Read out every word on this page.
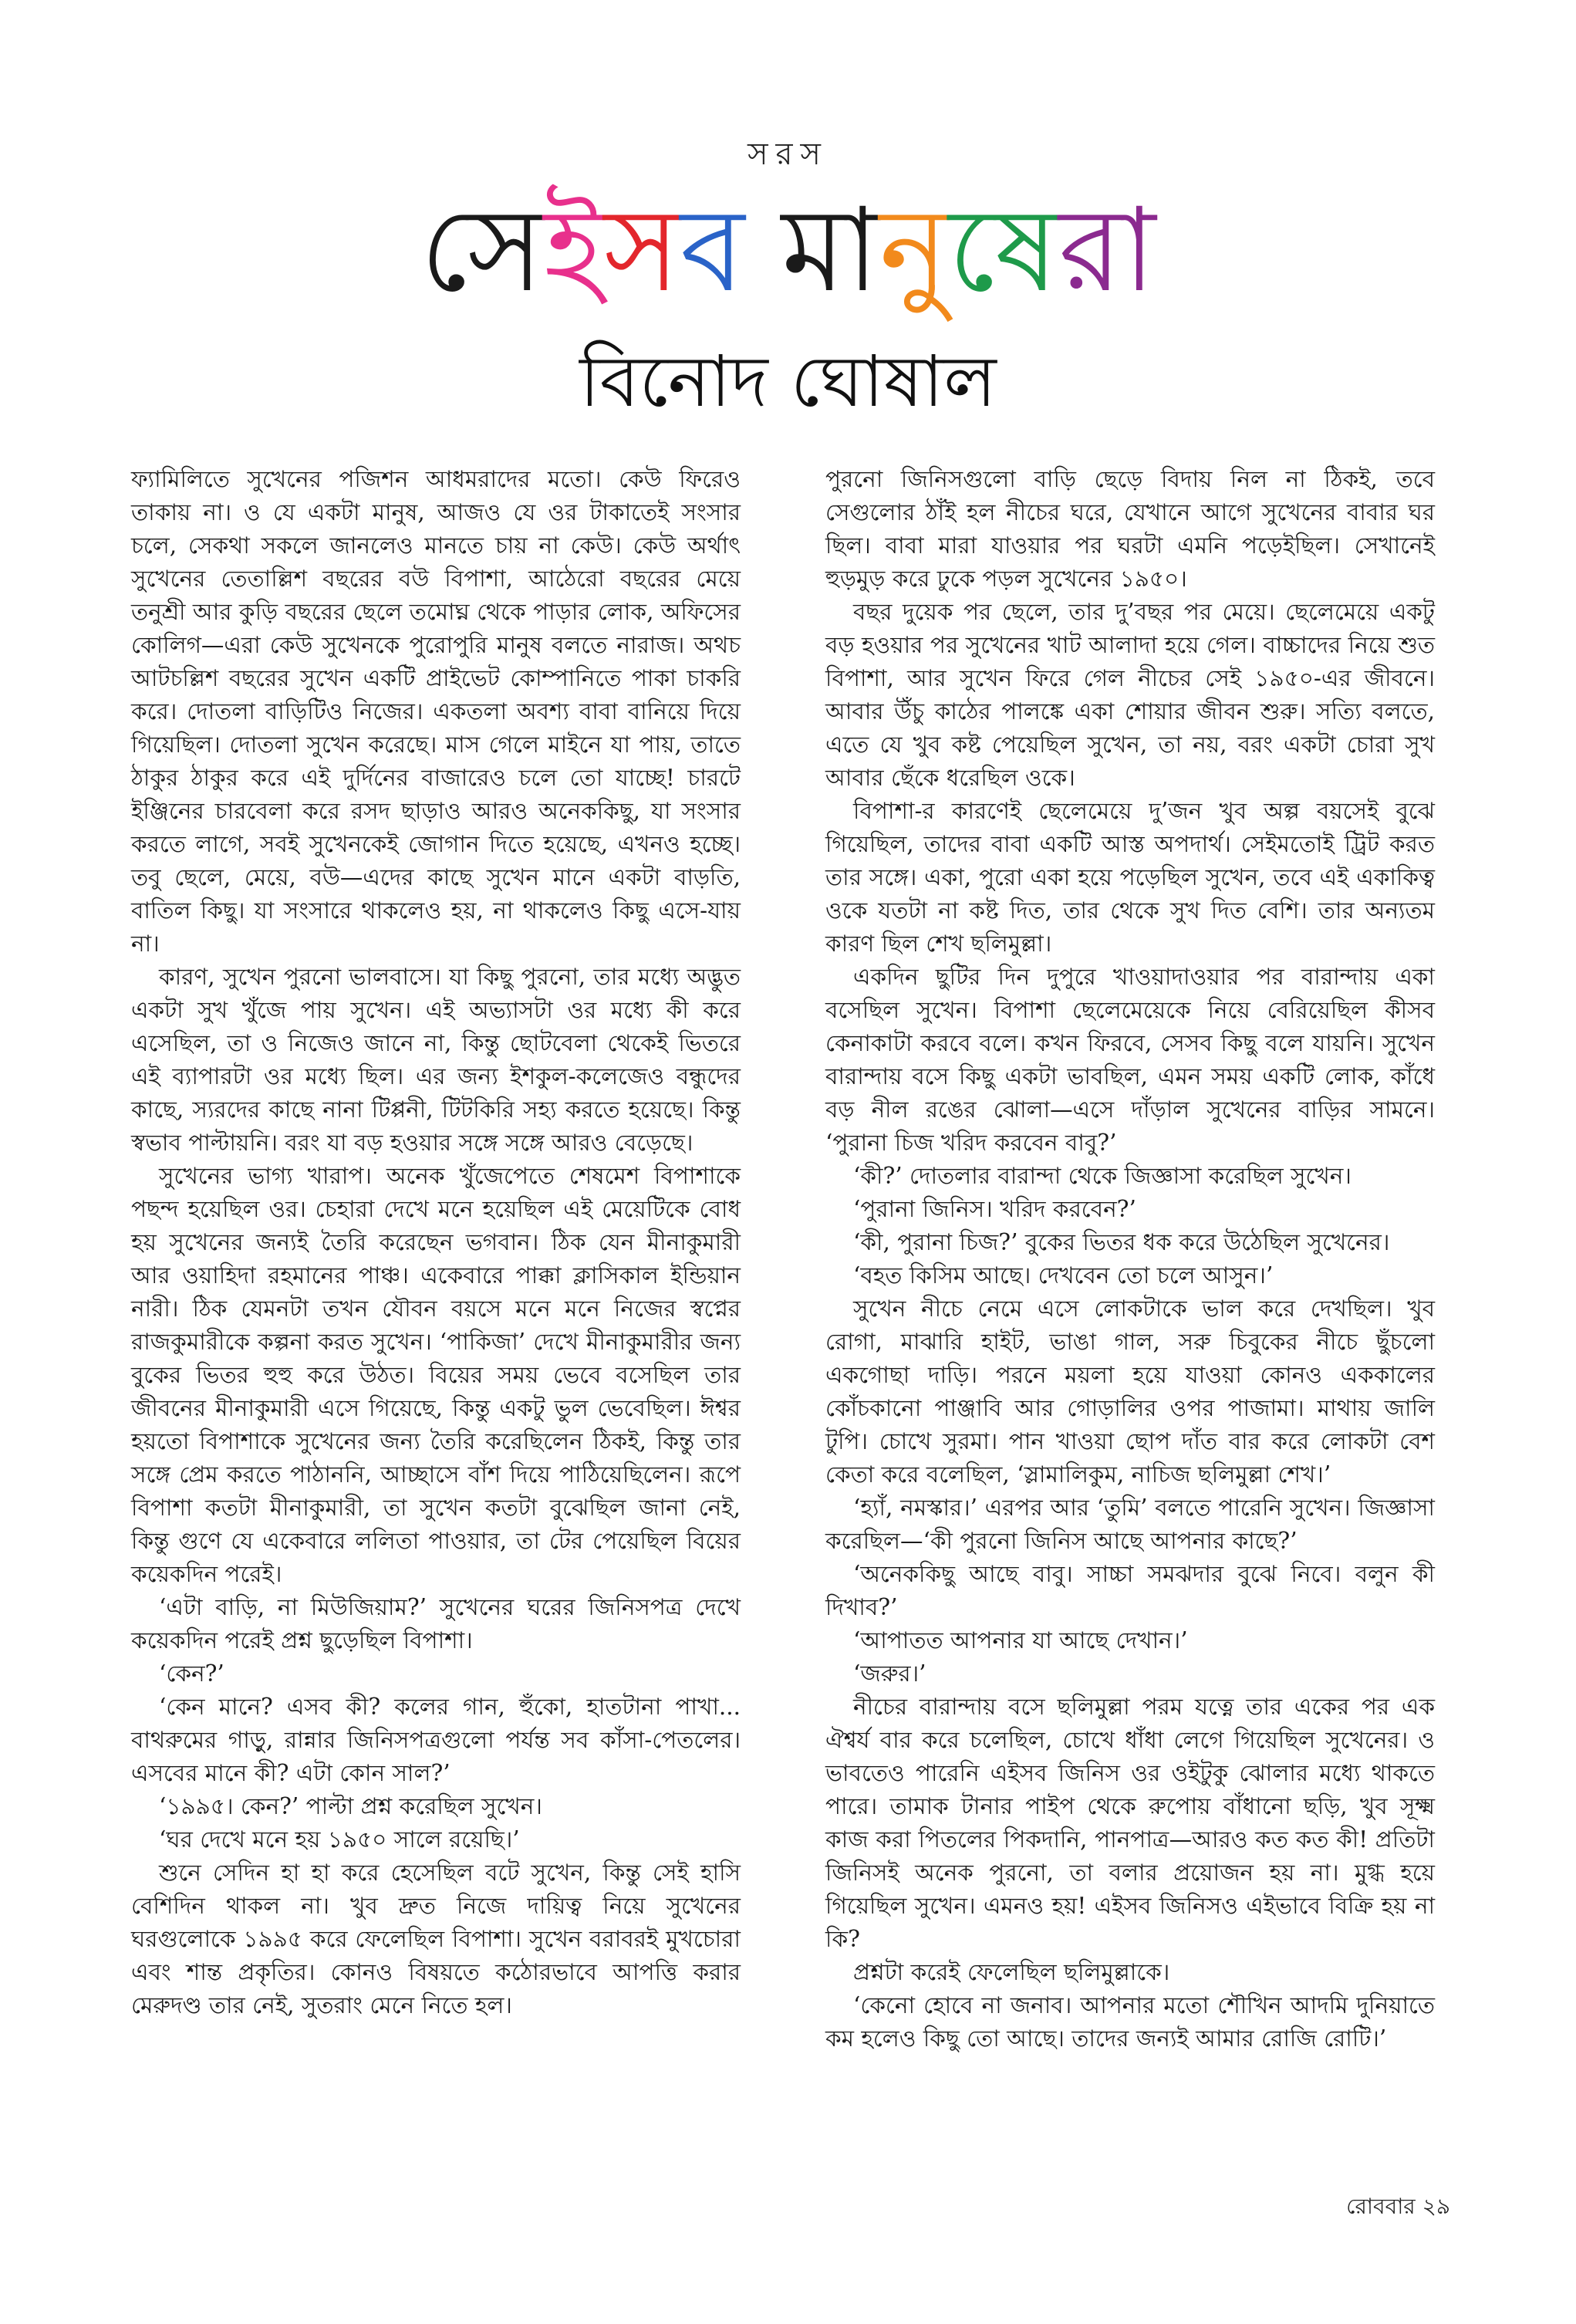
সরস
সেইসব মানুষেরা
বিনোদ ঘোষাল

ফ্যামিলিতে সুখেনের পজিশন আধমরাদের মতো। কেউ ফিরেও তাকায় না। ও যে একটা মানুষ, আজও যে ওর টাকাতেই সংসার চলে, সেকথা সকলে জানলেও মানতে চায় না কেউ। কেউ অর্থাৎ সুখেনের তেতাল্লিশ বছরের বউ বিপাশা, আঠেরো বছরের মেয়ে তনুশ্রী আর কুড়ি বছরের ছেলে তমোঘ্ন থেকে পাড়ার লোক, অফিসের কোলিগ—এরা কেউ সুখেনকে পুরোপুরি মানুষ বলতে নারাজ। অথচ আটচল্লিশ বছরের সুখেন একটি প্রাইভেট কোম্পানিতে পাকা চাকরি করে। দোতলা বাড়িটিও নিজের। একতলা অবশ্য বাবা বানিয়ে দিয়ে গিয়েছিল। দোতলা সুখেন করেছে। মাস গেলে মাইনে যা পায়, তাতে ঠাকুর ঠাকুর করে এই দুর্দিনের বাজারেও চলে তো যাচ্ছে! চারটে ইঞ্জিনের চারবেলা করে রসদ ছাড়াও আরও অনেককিছু, যা সংসার করতে লাগে, সবই সুখেনকেই জোগান দিতে হয়েছে, এখনও হচ্ছে। তবু ছেলে, মেয়ে, বউ—এদের কাছে সুখেন মানে একটা বাড়তি, বাতিল কিছু। যা সংসারে থাকলেও হয়, না থাকলেও কিছু এসে-যায় না।

কারণ, সুখেন পুরনো ভালবাসে। যা কিছু পুরনো, তার মধ্যে অদ্ভুত একটা সুখ খুঁজে পায় সুখেন। এই অভ্যাসটা ওর মধ্যে কী করে এসেছিল, তা ও নিজেও জানে না, কিন্তু ছোটবেলা থেকেই ভিতরে এই ব্যাপারটা ওর মধ্যে ছিল। এর জন্য ইশকুল-কলেজেও বন্ধুদের কাছে, স্যরদের কাছে নানা টিপ্পনী, টিটকিরি সহ্য করতে হয়েছে। কিন্তু স্বভাব পাল্টায়নি। বরং যা বড় হওয়ার সঙ্গে সঙ্গে আরও বেড়েছে।

সুখেনের ভাগ্য খারাপ। অনেক খুঁজেপেতে শেষমেশ বিপাশাকে পছন্দ হয়েছিল ওর। চেহারা দেখে মনে হয়েছিল এই মেয়েটিকে বোধ হয় সুখেনের জন্যই তৈরি করেছেন ভগবান। ঠিক যেন মীনাকুমারী আর ওয়াহিদা রহমানের পাঞ্চ। একেবারে পাক্কা ক্লাসিকাল ইন্ডিয়ান নারী। ঠিক যেমনটা তখন যৌবন বয়সে মনে মনে নিজের স্বপ্নের রাজকুমারীকে কল্পনা করত সুখেন। ‘পাকিজা’ দেখে মীনাকুমারীর জন্য বুকের ভিতর হুহু করে উঠত। বিয়ের সময় ভেবে বসেছিল তার জীবনের মীনাকুমারী এসে গিয়েছে, কিন্তু একটু ভুল ভেবেছিল। ঈশ্বর হয়তো বিপাশাকে সুখেনের জন্য তৈরি করেছিলেন ঠিকই, কিন্তু তার সঙ্গে প্রেম করতে পাঠাননি, আচ্ছাসে বাঁশ দিয়ে পাঠিয়েছিলেন। রূপে বিপাশা কতটা মীনাকুমারী, তা সুখেন কতটা বুঝেছিল জানা নেই, কিন্তু গুণে যে একেবারে ললিতা পাওয়ার, তা টের পেয়েছিল বিয়ের কয়েকদিন পরেই।

‘এটা বাড়ি, না মিউজিয়াম?’ সুখেনের ঘরের জিনিসপত্র দেখে কয়েকদিন পরেই প্রশ্ন ছুড়েছিল বিপাশা।

‘কেন?’

‘কেন মানে? এসব কী? কলের গান, হুঁকো, হাতটানা পাখা... বাথরুমের গাড়ু, রান্নার জিনিসপত্রগুলো পর্যন্ত সব কাঁসা-পেতলের। এসবের মানে কী? এটা কোন সাল?’

‘১৯৯৫। কেন?’ পাল্টা প্রশ্ন করেছিল সুখেন।

‘ঘর দেখে মনে হয় ১৯৫০ সালে রয়েছি।’

শুনে সেদিন হা হা করে হেসেছিল বটে সুখেন, কিন্তু সেই হাসি বেশিদিন থাকল না। খুব দ্রুত নিজে দায়িত্ব নিয়ে সুখেনের ঘরগুলোকে ১৯৯৫ করে ফেলেছিল বিপাশা। সুখেন বরাবরই মুখচোরা এবং শান্ত প্রকৃতির। কোনও বিষয়তে কঠোরভাবে আপত্তি করার মেরুদণ্ড তার নেই, সুতরাং মেনে নিতে হল।

পুরনো জিনিসগুলো বাড়ি ছেড়ে বিদায় নিল না ঠিকই, তবে সেগুলোর ঠাঁই হল নীচের ঘরে, যেখানে আগে সুখেনের বাবার ঘর ছিল। বাবা মারা যাওয়ার পর ঘরটা এমনি পড়েইছিল। সেখানেই হুড়মুড় করে ঢুকে পড়ল সুখেনের ১৯৫০।

বছর দুয়েক পর ছেলে, তার দু’বছর পর মেয়ে। ছেলেমেয়ে একটু বড় হওয়ার পর সুখেনের খাট আলাদা হয়ে গেল। বাচ্চাদের নিয়ে শুত বিপাশা, আর সুখেন ফিরে গেল নীচের সেই ১৯৫০-এর জীবনে। আবার উঁচু কাঠের পালঙ্কে একা শোয়ার জীবন শুরু। সত্যি বলতে, এতে যে খুব কষ্ট পেয়েছিল সুখেন, তা নয়, বরং একটা চোরা সুখ আবার ছেঁকে ধরেছিল ওকে।

বিপাশা-র কারণেই ছেলেমেয়ে দু’জন খুব অল্প বয়সেই বুঝে গিয়েছিল, তাদের বাবা একটি আস্ত অপদার্থ। সেইমতোই ট্রিট করত তার সঙ্গে। একা, পুরো একা হয়ে পড়েছিল সুখেন, তবে এই একাকিত্ব ওকে যতটা না কষ্ট দিত, তার থেকে সুখ দিত বেশি। তার অন্যতম কারণ ছিল শেখ ছলিমুল্লা।

একদিন ছুটির দিন দুপুরে খাওয়াদাওয়ার পর বারান্দায় একা বসেছিল সুখেন। বিপাশা ছেলেমেয়েকে নিয়ে বেরিয়েছিল কীসব কেনাকাটা করবে বলে। কখন ফিরবে, সেসব কিছু বলে যায়নি। সুখেন বারান্দায় বসে কিছু একটা ভাবছিল, এমন সময় একটি লোক, কাঁধে বড় নীল রঙের ঝোলা—এসে দাঁড়াল সুখেনের বাড়ির সামনে। ‘পুরানা চিজ খরিদ করবেন বাবু?’

‘কী?’ দোতলার বারান্দা থেকে জিজ্ঞাসা করেছিল সুখেন।

‘পুরানা জিনিস। খরিদ করবেন?’

‘কী, পুরানা চিজ?’ বুকের ভিতর ধক করে উঠেছিল সুখেনের।

‘বহত কিসিম আছে। দেখবেন তো চলে আসুন।’

সুখেন নীচে নেমে এসে লোকটাকে ভাল করে দেখছিল। খুব রোগা, মাঝারি হাইট, ভাঙা গাল, সরু চিবুকের নীচে ছুঁচলো একগোছা দাড়ি। পরনে ময়লা হয়ে যাওয়া কোনও এককালের কোঁচকানো পাঞ্জাবি আর গোড়ালির ওপর পাজামা। মাথায় জালি টুপি। চোখে সুরমা। পান খাওয়া ছোপ দাঁত বার করে লোকটা বেশ কেতা করে বলেছিল, ‘স্লামালিকুম, নাচিজ ছলিমুল্লা শেখ।’

‘হ্যাঁ, নমস্কার।’ এরপর আর ‘তুমি’ বলতে পারেনি সুখেন। জিজ্ঞাসা করেছিল—‘কী পুরনো জিনিস আছে আপনার কাছে?’

‘অনেককিছু আছে বাবু। সাচ্চা সমঝদার বুঝে নিবে। বলুন কী দিখাব?’

‘আপাতত আপনার যা আছে দেখান।’

‘জরুর।’

নীচের বারান্দায় বসে ছলিমুল্লা পরম যত্নে তার একের পর এক ঐশ্বর্য বার করে চলেছিল, চোখে ধাঁধা লেগে গিয়েছিল সুখেনের। ও ভাবতেও পারেনি এইসব জিনিস ওর ওইটুকু ঝোলার মধ্যে থাকতে পারে। তামাক টানার পাইপ থেকে রুপোয় বাঁধানো ছড়ি, খুব সূক্ষ্ম কাজ করা পিতলের পিকদানি, পানপাত্র—আরও কত কত কী! প্রতিটা জিনিসই অনেক পুরনো, তা বলার প্রয়োজন হয় না। মুগ্ধ হয়ে গিয়েছিল সুখেন। এমনও হয়! এইসব জিনিসও এইভাবে বিক্রি হয় না কি?

প্রশ্নটা করেই ফেলেছিল ছলিমুল্লাকে।

‘কেনো হোবে না জনাব। আপনার মতো শৌখিন আদমি দুনিয়াতে কম হলেও কিছু তো আছে। তাদের জন্যই আমার রোজি রোটি।’

রোববার ২৯
